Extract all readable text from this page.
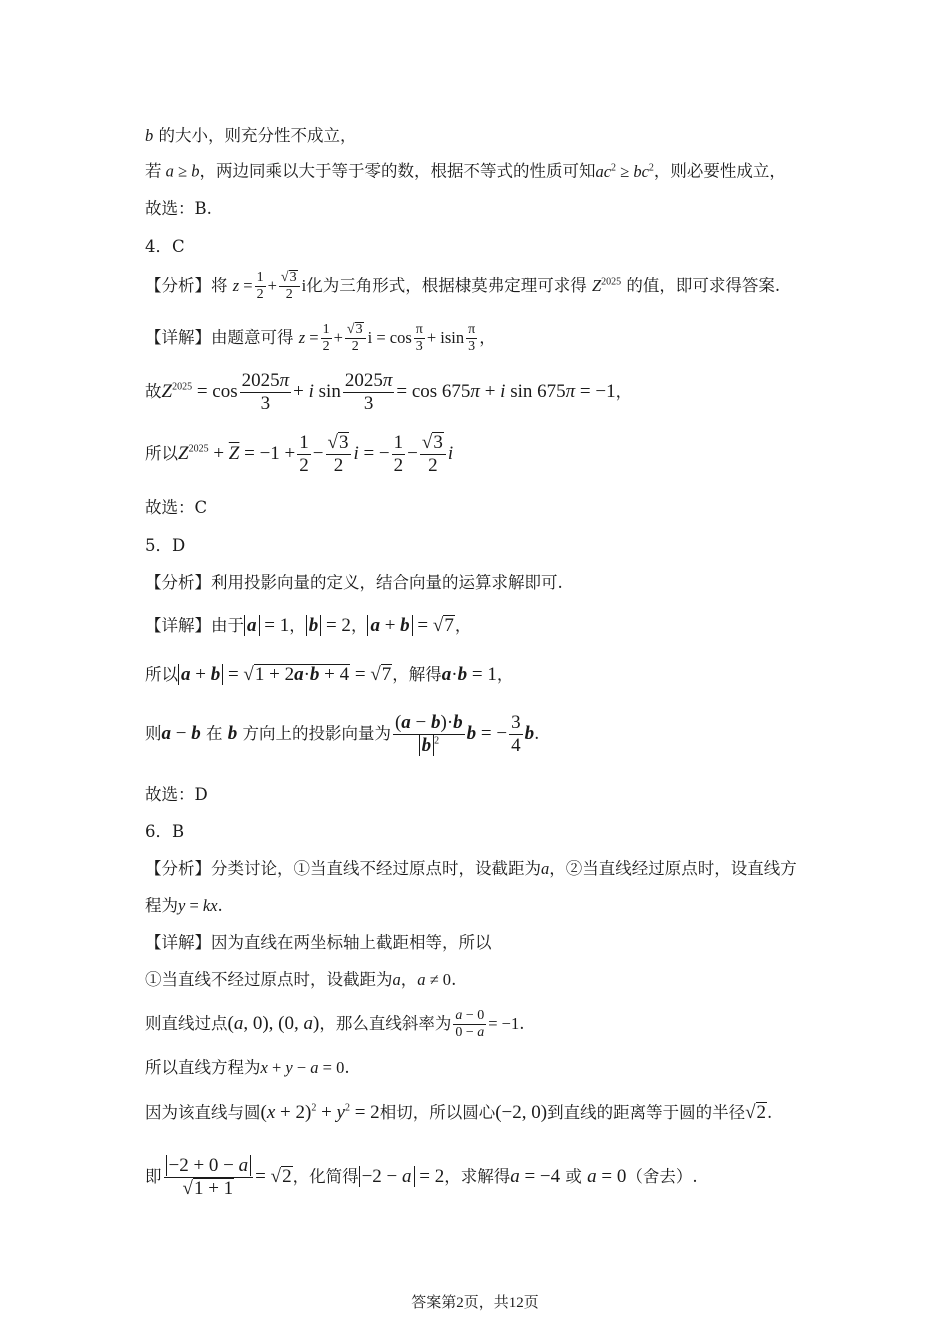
b 的大小，则充分性不成立，
若 a ≥ b，两边同乘以大于等于零的数，根据不等式的性质可知$ac^2 \ge bc^2$，则必要性成立，
故选：B.
4．C
【分析】将 $z = \frac{1}{2} + \frac{√3}{2}$ i化为三角形式，根据棣莫弗定理可求得 $Z^{2025}$ 的值，即可求得答案.
【详解】由题意可得 $z = \frac{1}{2} + \frac{√3}{2}$ $i = \cos \frac{\pi}{3} + isin \frac{\pi}{3}$ ，
故$Z^{2025} = \cos \frac{2025\pi}{3} + i$ $\sin \frac{2025\pi}{3} = \cos 675\pi + i$ sin 675π = −1，
所以$Z^{2025} + \overline{Z} = -1 + \frac{1}{2} - \frac{√3}{2}$ i = − $\frac{1}{2} - \frac{√3}{2}$ i
故选：C
5．D
【分析】利用投影向量的定义，结合向量的运算求解即可.
【详解】由于 a = 1， b = 2， a + b = √7，
所以 a + b = √1 + 2a·b + 4 = √7，解得a·b = 1，
则a − b 在 b 方向上的投影向量为 $\frac{(a - b)\cdot b}{b ^2}$ b = − $\frac{3}{4} b$.
故选：D
6．B
【分析】分类讨论，①当直线不经过原点时，设截距为a，②当直线经过原点时，设直线方
程为y = kx.
【详解】因为直线在两坐标轴上截距相等，所以
①当直线不经过原点时，设截距为a，a ≠ 0.
则直线过点(a, 0), (0, a)，那么直线斜率为 $\frac{a - 0}{0 - a} = -1$.
所以直线方程为x + y − a = 0.
因为该直线与圆$(x + 2)^2 + y^2 = 2$相切，所以圆心(−2, 0)到直线的距离等于圆的半径√2.
即 $\frac{-2 + 0 - a}{√1 + 1} = √2$，化简得 −2 − a = 2，求解得a = −4 或 a = 0（舍去）.
答案第2页，共12页
